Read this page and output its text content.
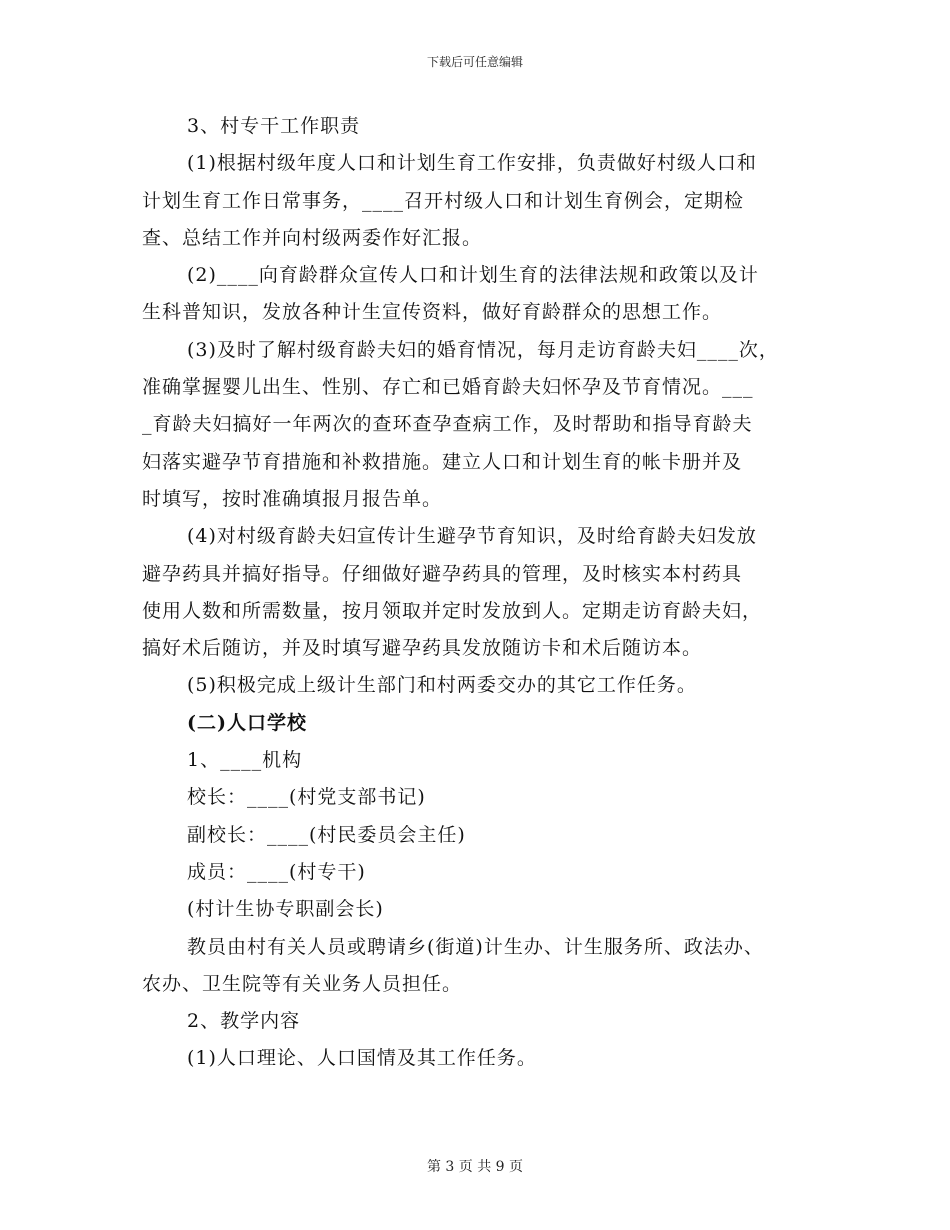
下载后可任意编辑

3、村专干工作职责

(1)根据村级年度人口和计划生育工作安排，负责做好村级人口和
计划生育工作日常事务，____召开村级人口和计划生育例会，定期检
查、总结工作并向村级两委作好汇报。

(2)____向育龄群众宣传人口和计划生育的法律法规和政策以及计
生科普知识，发放各种计生宣传资料，做好育龄群众的思想工作。

(3)及时了解村级育龄夫妇的婚育情况，每月走访育龄夫妇____次，
准确掌握婴儿出生、性别、存亡和已婚育龄夫妇怀孕及节育情况。___
_育龄夫妇搞好一年两次的查环查孕查病工作，及时帮助和指导育龄夫
妇落实避孕节育措施和补救措施。建立人口和计划生育的帐卡册并及
时填写，按时准确填报月报告单。

(4)对村级育龄夫妇宣传计生避孕节育知识，及时给育龄夫妇发放
避孕药具并搞好指导。仔细做好避孕药具的管理，及时核实本村药具
使用人数和所需数量，按月领取并定时发放到人。定期走访育龄夫妇，
搞好术后随访，并及时填写避孕药具发放随访卡和术后随访本。

(5)积极完成上级计生部门和村两委交办的其它工作任务。

(二)人口学校

1、____机构

校长：____(村党支部书记)

副校长：____(村民委员会主任)

成员：____(村专干)

(村计生协专职副会长)

教员由村有关人员或聘请乡(街道)计生办、计生服务所、政法办、
农办、卫生院等有关业务人员担任。

2、教学内容

(1)人口理论、人口国情及其工作任务。

第 3 页 共 9 页
